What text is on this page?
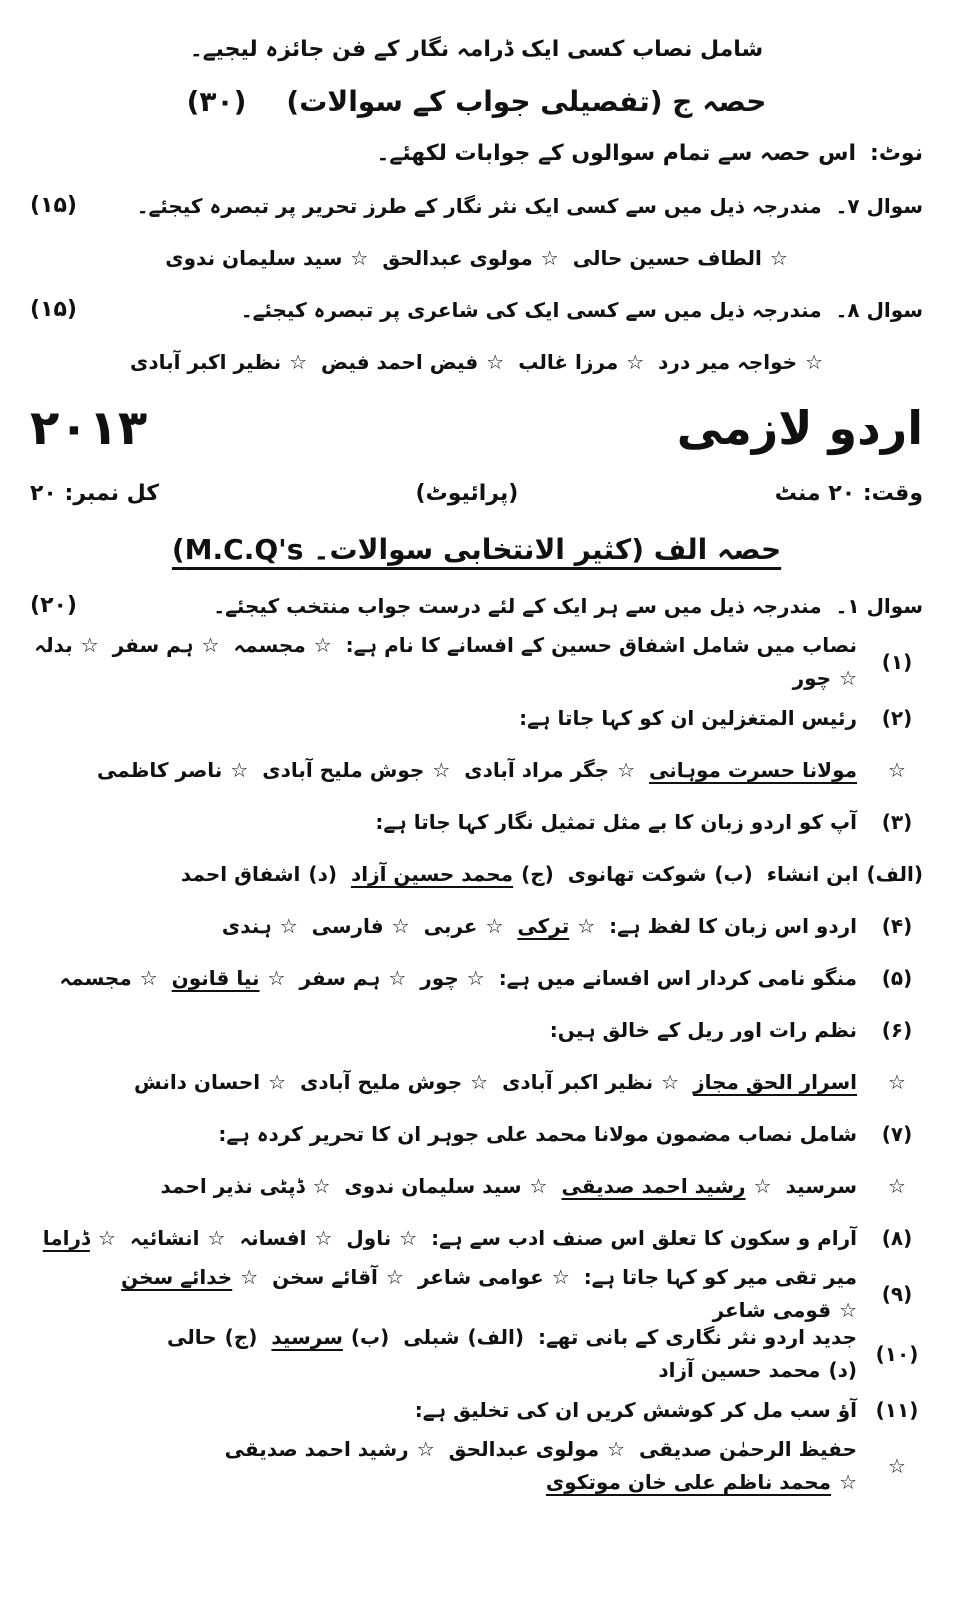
شامل نصاب کسی ایک ڈرامہ نگار کے فن جائزہ لیجیے۔
حصہ ج (تفصیلی جواب کے سوالات)
(۳۰)
نوٹ:
اس حصہ سے تمام سوالوں کے جوابات لکھئے۔
سوال ۷۔
مندرجہ ذیل میں سے کسی ایک نثر نگار کے طرز تحریر پر تبصرہ کیجئے۔
(۱۵)
☆
الطاف حسین حالی
☆
مولوی عبدالحق
☆
سید سلیمان ندوی
سوال ۸۔
مندرجہ ذیل میں سے کسی ایک کی شاعری پر تبصرہ کیجئے۔
(۱۵)
☆
خواجہ میر درد
☆
مرزا غالب
☆
فیض احمد فیض
☆
نظیر اکبر آبادی
اردو لازمی
۲۰۱۳
وقت: ۲۰ منٹ
(پرائیوٹ)
کل نمبر: ۲۰
حصہ الف (کثیر الانتخابی سوالات۔ M.C.Q's)
سوال ۱۔
مندرجہ ذیل میں سے ہر ایک کے لئے درست جواب منتخب کیجئے۔
(۲۰)
(۱)
نصاب میں شامل اشفاق حسین کے افسانے کا نام ہے:
☆
مجسمہ
☆
ہم سفر
☆
بدلہ
☆
چور
(۲)
رئیس المتغزلین ان کو کہا جاتا ہے:
☆
مولانا حسرت موہانی
☆
جگر مراد آبادی
☆
جوش ملیح آبادی
☆
ناصر کاظمی
(۳)
آپ کو اردو زبان کا بے مثل تمثیل نگار کہا جاتا ہے:
(الف)
ابن انشاء
(ب)
شوکت تھانوی
(ج)
محمد حسین آزاد
(د)
اشفاق احمد
(۴)
اردو اس زبان کا لفظ ہے:
☆
ترکی
☆
عربی
☆
فارسی
☆
ہندی
(۵)
منگو نامی کردار اس افسانے میں ہے:
☆
چور
☆
ہم سفر
☆
نیا قانون
☆
مجسمہ
(۶)
نظم رات اور ریل کے خالق ہیں:
☆
اسرار الحق مجاز
☆
نظیر اکبر آبادی
☆
جوش ملیح آبادی
☆
احسان دانش
(۷)
شامل نصاب مضمون مولانا محمد علی جوہر ان کا تحریر کردہ ہے:
☆
سرسید
☆
رشید احمد صدیقی
☆
سید سلیمان ندوی
☆
ڈپٹی نذیر احمد
(۸)
آرام و سکون کا تعلق اس صنف ادب سے ہے:
☆
ناول
☆
افسانہ
☆
انشائیہ
☆
ڈراما
(۹)
میر تقی میر کو کہا جاتا ہے:
☆
عوامی شاعر
☆
آقائے سخن
☆
خدائے سخن
☆
قومی شاعر
(۱۰)
جدید اردو نثر نگاری کے بانی تھے:
(الف)
شبلی
(ب)
سرسید
(ج)
حالی
(د)
محمد حسین آزاد
(۱۱)
آؤ سب مل کر کوشش کریں ان کی تخلیق ہے:
☆
حفیظ الرحمٰن صدیقی
☆
مولوی عبدالحق
☆
رشید احمد صدیقی
☆
محمد ناظم علی خان موتکوی
